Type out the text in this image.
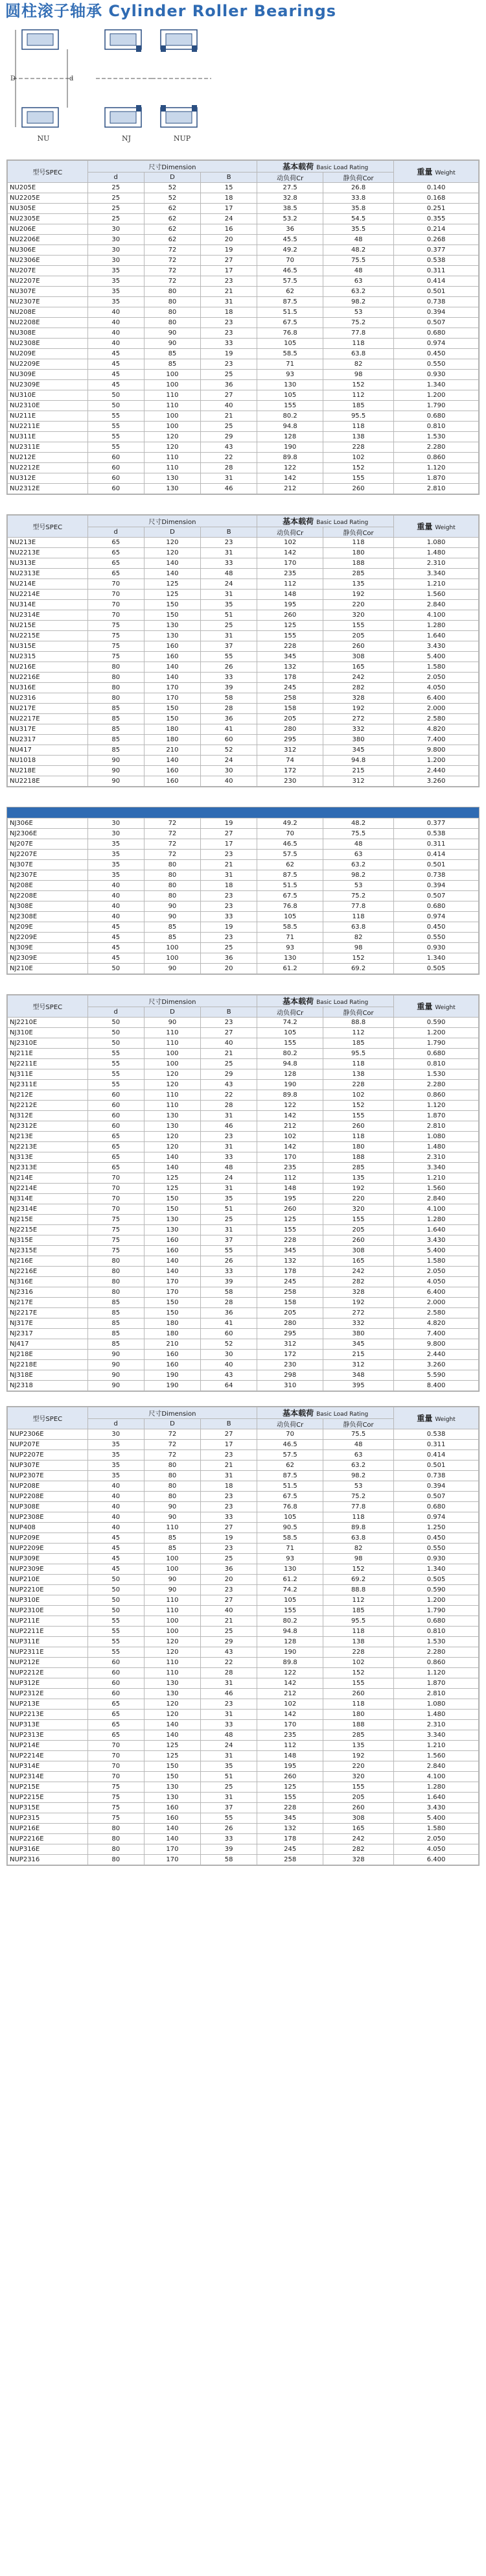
圆柱滚子轴承 Cylinder Roller Bearings
D	d
NU	NJ	NUP
型号SPEC	尺寸Dimension			基本载荷 Basic Load Rating		重量 Weight
	d	D	B	动负荷Cr	静负荷Cor	
NU205E	25	52	15	27.5	26.8	0.140
NU2205E	25	52	18	32.8	33.8	0.168
NU305E	25	62	17	38.5	35.8	0.251
NU2305E	25	62	24	53.2	54.5	0.355
NU206E	30	62	16	36	35.5	0.214
NU2206E	30	62	20	45.5	48	0.268
NU306E	30	72	19	49.2	48.2	0.377
NU2306E	30	72	27	70	75.5	0.538
NU207E	35	72	17	46.5	48	0.311
NU2207E	35	72	23	57.5	63	0.414
NU307E	35	80	21	62	63.2	0.501
NU2307E	35	80	31	87.5	98.2	0.738
NU208E	40	80	18	51.5	53	0.394
NU2208E	40	80	23	67.5	75.2	0.507
NU308E	40	90	23	76.8	77.8	0.680
NU2308E	40	90	33	105	118	0.974
NU209E	45	85	19	58.5	63.8	0.450
NU2209E	45	85	23	71	82	0.550
NU309E	45	100	25	93	98	0.930
NU2309E	45	100	36	130	152	1.340
NU310E	50	110	27	105	112	1.200
NU2310E	50	110	40	155	185	1.790
NU211E	55	100	21	80.2	95.5	0.680
NU2211E	55	100	25	94.8	118	0.810
NU311E	55	120	29	128	138	1.530
NU2311E	55	120	43	190	228	2.280
NU212E	60	110	22	89.8	102	0.860
NU2212E	60	110	28	122	152	1.120
NU312E	60	130	31	142	155	1.870
NU2312E	60	130	46	212	260	2.810
型号SPEC	尺寸Dimension			基本载荷 Basic Load Rating		重量 Weight
	d	D	B	动负荷Cr	静负荷Cor	
NU213E	65	120	23	102	118	1.080
NU2213E	65	120	31	142	180	1.480
NU313E	65	140	33	170	188	2.310
NU2313E	65	140	48	235	285	3.340
NU214E	70	125	24	112	135	1.210
NU2214E	70	125	31	148	192	1.560
NU314E	70	150	35	195	220	2.840
NU2314E	70	150	51	260	320	4.100
NU215E	75	130	25	125	155	1.280
NU2215E	75	130	31	155	205	1.640
NU315E	75	160	37	228	260	3.430
NU2315	75	160	55	345	308	5.400
NU216E	80	140	26	132	165	1.580
NU2216E	80	140	33	178	242	2.050
NU316E	80	170	39	245	282	4.050
NU2316	80	170	58	258	328	6.400
NU217E	85	150	28	158	192	2.000
NU2217E	85	150	36	205	272	2.580
NU317E	85	180	41	280	332	4.820
NU2317	85	180	60	295	380	7.400
NU417	85	210	52	312	345	9.800
NU1018	90	140	24	74	94.8	1.200
NU218E	90	160	30	172	215	2.440
NU2218E	90	160	40	230	312	3.260
NJ306E	30	72	19	49.2	48.2	0.377
NJ2306E	30	72	27	70	75.5	0.538
NJ207E	35	72	17	46.5	48	0.311
NJ2207E	35	72	23	57.5	63	0.414
NJ307E	35	80	21	62	63.2	0.501
NJ2307E	35	80	31	87.5	98.2	0.738
NJ208E	40	80	18	51.5	53	0.394
NJ2208E	40	80	23	67.5	75.2	0.507
NJ308E	40	90	23	76.8	77.8	0.680
NJ2308E	40	90	33	105	118	0.974
NJ209E	45	85	19	58.5	63.8	0.450
NJ2209E	45	85	23	71	82	0.550
NJ309E	45	100	25	93	98	0.930
NJ2309E	45	100	36	130	152	1.340
NJ210E	50	90	20	61.2	69.2	0.505
型号SPEC	尺寸Dimension			基本载荷 Basic Load Rating		重量 Weight
	d	D	B	动负荷Cr	静负荷Cor	
NJ2210E	50	90	23	74.2	88.8	0.590
NJ310E	50	110	27	105	112	1.200
NJ2310E	50	110	40	155	185	1.790
NJ211E	55	100	21	80.2	95.5	0.680
NJ2211E	55	100	25	94.8	118	0.810
NJ311E	55	120	29	128	138	1.530
NJ2311E	55	120	43	190	228	2.280
NJ212E	60	110	22	89.8	102	0.860
NJ2212E	60	110	28	122	152	1.120
NJ312E	60	130	31	142	155	1.870
NJ2312E	60	130	46	212	260	2.810
NJ213E	65	120	23	102	118	1.080
NJ2213E	65	120	31	142	180	1.480
NJ313E	65	140	33	170	188	2.310
NJ2313E	65	140	48	235	285	3.340
NJ214E	70	125	24	112	135	1.210
NJ2214E	70	125	31	148	192	1.560
NJ314E	70	150	35	195	220	2.840
NJ2314E	70	150	51	260	320	4.100
NJ215E	75	130	25	125	155	1.280
NJ2215E	75	130	31	155	205	1.640
NJ315E	75	160	37	228	260	3.430
NJ2315E	75	160	55	345	308	5.400
NJ216E	80	140	26	132	165	1.580
NJ2216E	80	140	33	178	242	2.050
NJ316E	80	170	39	245	282	4.050
NJ2316	80	170	58	258	328	6.400
NJ217E	85	150	28	158	192	2.000
NJ2217E	85	150	36	205	272	2.580
NJ317E	85	180	41	280	332	4.820
NJ2317	85	180	60	295	380	7.400
NJ417	85	210	52	312	345	9.800
NJ218E	90	160	30	172	215	2.440
NJ2218E	90	160	40	230	312	3.260
NJ318E	90	190	43	298	348	5.590
NJ2318	90	190	64	310	395	8.400
型号SPEC	尺寸Dimension			基本载荷 Basic Load Rating		重量 Weight
	d	D	B	动负荷Cr	静负荷Cor	
NUP2306E	30	72	27	70	75.5	0.538
NUP207E	35	72	17	46.5	48	0.311
NUP2207E	35	72	23	57.5	63	0.414
NUP307E	35	80	21	62	63.2	0.501
NUP2307E	35	80	31	87.5	98.2	0.738
NUP208E	40	80	18	51.5	53	0.394
NUP2208E	40	80	23	67.5	75.2	0.507
NUP308E	40	90	23	76.8	77.8	0.680
NUP2308E	40	90	33	105	118	0.974
NUP408	40	110	27	90.5	89.8	1.250
NUP209E	45	85	19	58.5	63.8	0.450
NUP2209E	45	85	23	71	82	0.550
NUP309E	45	100	25	93	98	0.930
NUP2309E	45	100	36	130	152	1.340
NUP210E	50	90	20	61.2	69.2	0.505
NUP2210E	50	90	23	74.2	88.8	0.590
NUP310E	50	110	27	105	112	1.200
NUP2310E	50	110	40	155	185	1.790
NUP211E	55	100	21	80.2	95.5	0.680
NUP2211E	55	100	25	94.8	118	0.810
NUP311E	55	120	29	128	138	1.530
NUP2311E	55	120	43	190	228	2.280
NUP212E	60	110	22	89.8	102	0.860
NUP2212E	60	110	28	122	152	1.120
NUP312E	60	130	31	142	155	1.870
NUP2312E	60	130	46	212	260	2.810
NUP213E	65	120	23	102	118	1.080
NUP2213E	65	120	31	142	180	1.480
NUP313E	65	140	33	170	188	2.310
NUP2313E	65	140	48	235	285	3.340
NUP214E	70	125	24	112	135	1.210
NUP2214E	70	125	31	148	192	1.560
NUP314E	70	150	35	195	220	2.840
NUP2314E	70	150	51	260	320	4.100
NUP215E	75	130	25	125	155	1.280
NUP2215E	75	130	31	155	205	1.640
NUP315E	75	160	37	228	260	3.430
NUP2315	75	160	55	345	308	5.400
NUP216E	80	140	26	132	165	1.580
NUP2216E	80	140	33	178	242	2.050
NUP316E	80	170	39	245	282	4.050
NUP2316	80	170	58	258	328	6.400
